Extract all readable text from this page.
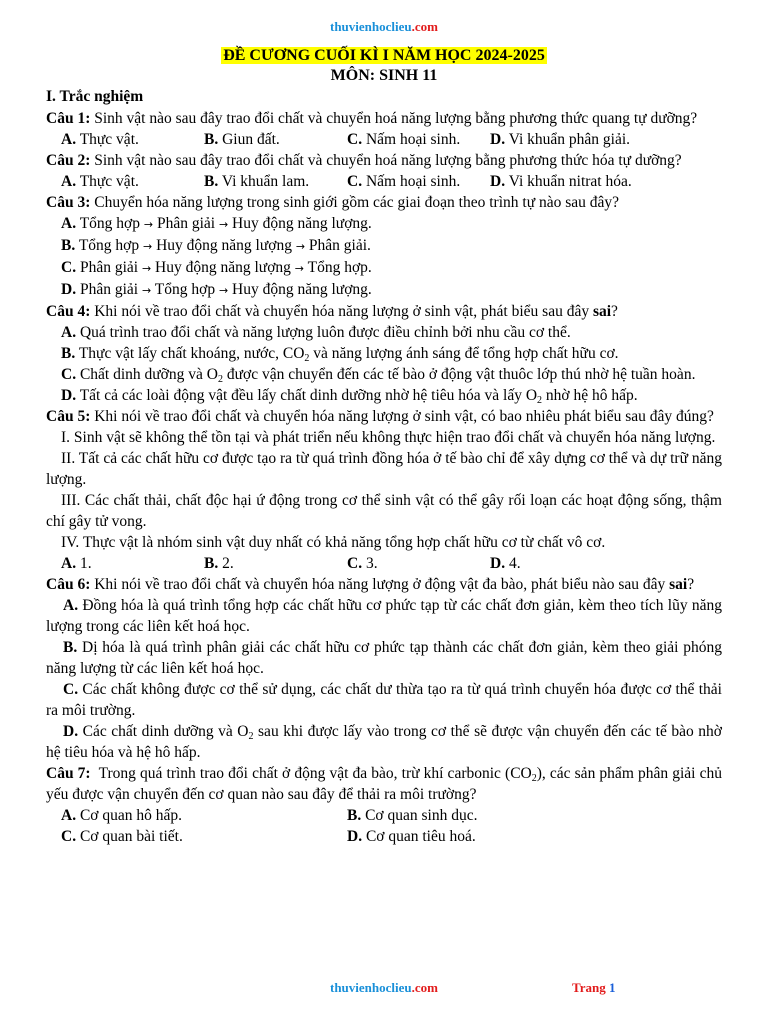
thuvienhoclieu.com
ĐỀ CƯƠNG CUỐI KÌ I NĂM HỌC 2024-2025
MÔN: SINH 11
I. Trắc nghiệm
Câu 1: Sinh vật nào sau đây trao đổi chất và chuyển hoá năng lượng bằng phương thức quang tự dưỡng?
A. Thực vật.	B. Giun đất.	C. Nấm hoại sinh.	D. Vi khuẩn phân giải.
Câu 2: Sinh vật nào sau đây trao đổi chất và chuyển hoá năng lượng bằng phương thức hóa tự dưỡng?
A. Thực vật.	B. Vi khuẩn lam.	C. Nấm hoại sinh.	D. Vi khuẩn nitrat hóa.
Câu 3: Chuyển hóa năng lượng trong sinh giới gồm các giai đoạn theo trình tự nào sau đây?
A. Tổng hợp → Phân giải → Huy động năng lượng.
B. Tổng hợp → Huy động năng lượng → Phân giải.
C. Phân giải → Huy động năng lượng → Tổng hợp.
D. Phân giải → Tổng hợp → Huy động năng lượng.
Câu 4: Khi nói về trao đổi chất và chuyển hóa năng lượng ở sinh vật, phát biểu sau đây sai?
A. Quá trình trao đổi chất và năng lượng luôn được điều chỉnh bởi nhu cầu cơ thể.
B. Thực vật lấy chất khoáng, nước, $CO_2$ và năng lượng ánh sáng để tổng hợp chất hữu cơ.
C. Chất dinh dưỡng và $O_2$ được vận chuyển đến các tế bào ở động vật thuôc lớp thú nhờ hệ tuần hoàn.
D. Tất cả các loài động vật đều lấy chất dinh dưỡng nhờ hệ tiêu hóa và lấy $O_2$ nhờ hệ hô hấp.
Câu 5: Khi nói về trao đổi chất và chuyển hóa năng lượng ở sinh vật, có bao nhiêu phát biểu sau đây đúng?
I. Sinh vật sẽ không thể tồn tại và phát triển nếu không thực hiện trao đổi chất và chuyển hóa năng lượng.
II. Tất cả các chất hữu cơ được tạo ra từ quá trình đồng hóa ở tế bào chỉ để xây dựng cơ thể và dự trữ năng lượng.
III. Các chất thải, chất độc hại ứ động trong cơ thể sinh vật có thể gây rối loạn các hoạt động sống, thậm chí gây tử vong.
IV. Thực vật là nhóm sinh vật duy nhất có khả năng tổng hợp chất hữu cơ từ chất vô cơ.
A. 1.	B. 2.	C. 3.	D. 4.
Câu 6: Khi nói về trao đổi chất và chuyển hóa năng lượng ở động vật đa bào, phát biểu nào sau đây sai?
A. Đồng hóa là quá trình tổng hợp các chất hữu cơ phức tạp từ các chất đơn giản, kèm theo tích lũy năng lượng trong các liên kết hoá học.
B. Dị hóa là quá trình phân giải các chất hữu cơ phức tạp thành các chất đơn giản, kèm theo giải phóng năng lượng từ các liên kết hoá học.
C. Các chất không được cơ thể sử dụng, các chất dư thừa tạo ra từ quá trình chuyển hóa được cơ thể thải ra môi trường.
D. Các chất dinh dưỡng và $O_2$ sau khi được lấy vào trong cơ thể sẽ được vận chuyển đến các tế bào nhờ hệ tiêu hóa và hệ hô hấp.
Câu 7: Trong quá trình trao đổi chất ở động vật đa bào, trừ khí carbonic $(CO_2)$, các sản phẩm phân giải chủ yếu được vận chuyển đến cơ quan nào sau đây để thải ra môi trường?
A. Cơ quan hô hấp.	B. Cơ quan sinh dục.
C. Cơ quan bài tiết.	D. Cơ quan tiêu hoá.
thuvienhoclieu.com	Trang 1
